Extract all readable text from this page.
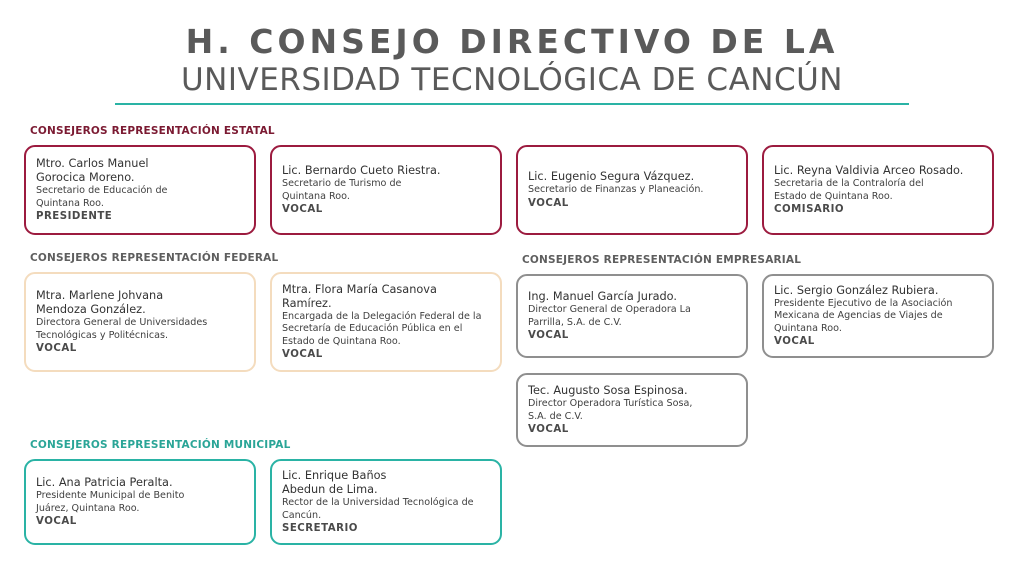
H. CONSEJO DIRECTIVO DE LA
UNIVERSIDAD TECNOLÓGICA DE CANCÚN
CONSEJEROS REPRESENTACIÓN ESTATAL
Mtro. Carlos Manuel Gorocica Moreno.
Secretario de Educación de Quintana Roo.
PRESIDENTE
Lic. Bernardo Cueto Riestra.
Secretario de Turismo de Quintana Roo.
VOCAL
Lic. Eugenio Segura Vázquez.
Secretario de Finanzas y Planeación.
VOCAL
Lic. Reyna Valdivia Arceo Rosado.
Secretaria de la Contraloría del Estado de Quintana Roo.
COMISARIO
CONSEJEROS REPRESENTACIÓN FEDERAL
Mtra. Marlene Johvana Mendoza González.
Directora General de Universidades Tecnológicas y Politécnicas.
VOCAL
Mtra. Flora María Casanova Ramírez.
Encargada de la Delegación Federal de la Secretaría de Educación Pública en el Estado de Quintana Roo.
VOCAL
CONSEJEROS REPRESENTACIÓN EMPRESARIAL
Ing. Manuel García Jurado.
Director General de Operadora La Parrilla, S.A. de C.V.
VOCAL
Lic. Sergio González Rubiera.
Presidente Ejecutivo de la Asociación Mexicana de Agencias de Viajes de Quintana Roo.
VOCAL
Tec. Augusto Sosa Espinosa.
Director Operadora Turística Sosa, S.A. de C.V.
VOCAL
CONSEJEROS REPRESENTACIÓN MUNICIPAL
Lic. Ana Patricia Peralta.
Presidente Municipal de Benito Juárez, Quintana Roo.
VOCAL
Lic. Enrique Baños Abedun de Lima.
Rector de la Universidad Tecnológica de Cancún.
SECRETARIO
